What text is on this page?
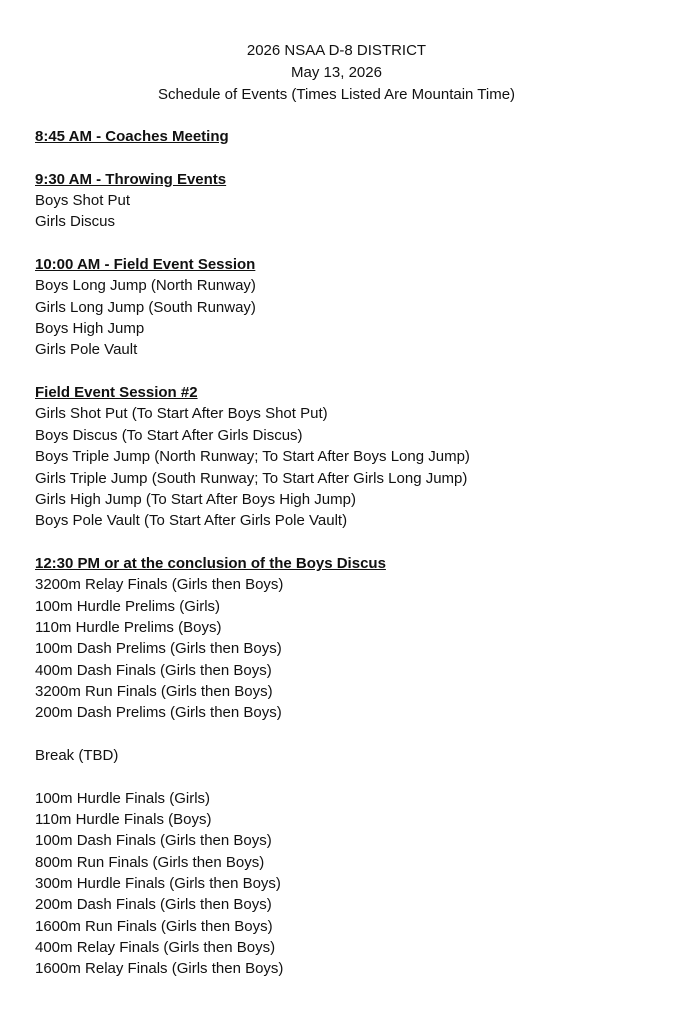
2026 NSAA D-8 DISTRICT
May 13, 2026
Schedule of Events (Times Listed Are Mountain Time)
8:45 AM - Coaches Meeting
9:30 AM - Throwing Events
Boys Shot Put
Girls Discus
10:00 AM - Field Event Session
Boys Long Jump (North Runway)
Girls Long Jump (South Runway)
Boys High Jump
Girls Pole Vault
Field Event Session #2
Girls Shot Put (To Start After Boys Shot Put)
Boys Discus (To Start After Girls Discus)
Boys Triple Jump (North Runway; To Start After Boys Long Jump)
Girls Triple Jump (South Runway; To Start After Girls Long Jump)
Girls High Jump (To Start After Boys High Jump)
Boys Pole Vault (To Start After Girls Pole Vault)
12:30 PM or at the conclusion of the Boys Discus
3200m Relay Finals (Girls then Boys)
100m Hurdle Prelims (Girls)
110m Hurdle Prelims (Boys)
100m Dash Prelims (Girls then Boys)
400m Dash Finals (Girls then Boys)
3200m Run Finals (Girls then Boys)
200m Dash Prelims (Girls then Boys)
Break (TBD)
100m Hurdle Finals (Girls)
110m Hurdle Finals (Boys)
100m Dash Finals (Girls then Boys)
800m Run Finals (Girls then Boys)
300m Hurdle Finals (Girls then Boys)
200m Dash Finals (Girls then Boys)
1600m Run Finals (Girls then Boys)
400m Relay Finals (Girls then Boys)
1600m Relay Finals (Girls then Boys)
